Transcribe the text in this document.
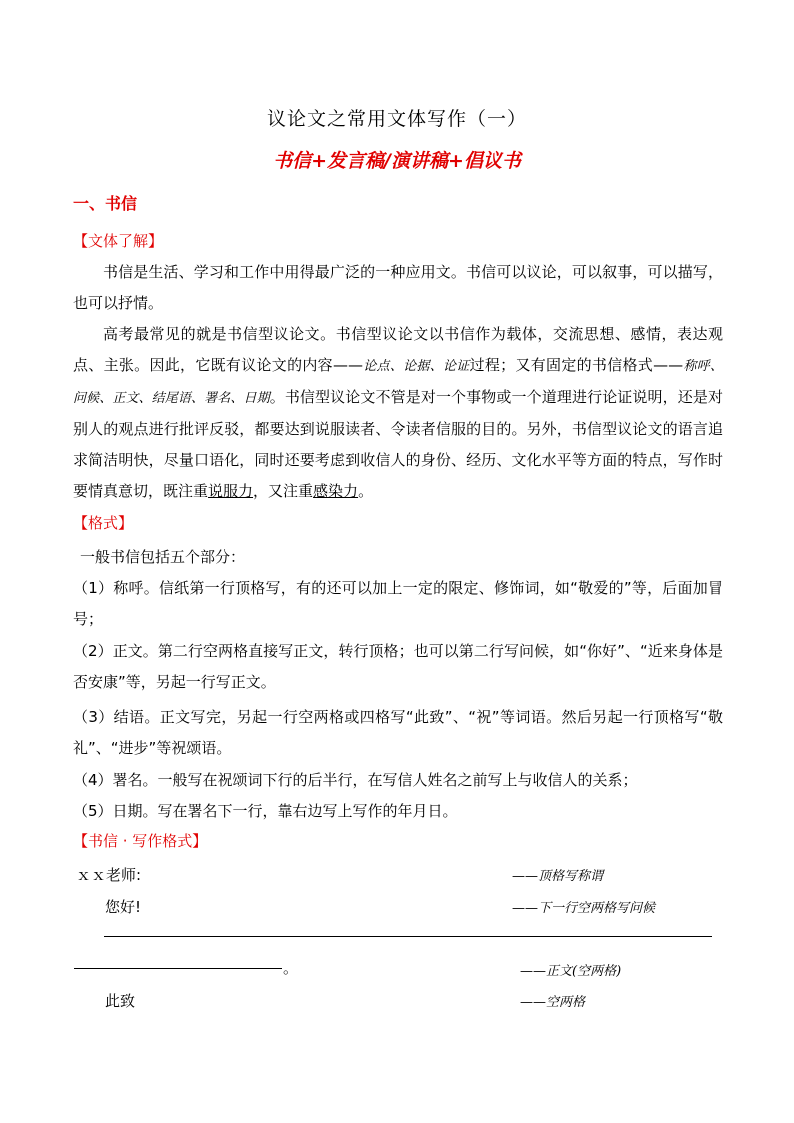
议论文之常用文体写作（一）
书信+发言稿/演讲稿+倡议书
一、书信
【文体了解】
书信是生活、学习和工作中用得最广泛的一种应用文。书信可以议论，可以叙事，可以描写，也可以抒情。
高考最常见的就是书信型议论文。书信型议论文以书信作为载体，交流思想、感情，表达观点、主张。因此，它既有议论文的内容——论点、论据、论证过程；又有固定的书信格式——称呼、问候、正文、结尾语、署名、日期。书信型议论文不管是对一个事物或一个道理进行论证说明，还是对别人的观点进行批评反驳，都要达到说服读者、令读者信服的目的。另外，书信型议论文的语言追求简洁明快，尽量口语化，同时还要考虑到收信人的身份、经历、文化水平等方面的特点，写作时要情真意切，既注重说服力，又注重感染力。
【格式】
一般书信包括五个部分：
（1）称呼。信纸第一行顶格写，有的还可以加上一定的限定、修饰词，如“敬爱的”等，后面加冒号；
（2）正文。第二行空两格直接写正文，转行顶格；也可以第二行写问候，如“你好”、“近来身体是否安康”等，另起一行写正文。
（3）结语。正文写完，另起一行空两格或四格写“此致”、“祝”等词语。然后另起一行顶格写“敬礼”、“进步”等祝颂语。
（4）署名。一般写在祝颂词下行的后半行，在写信人姓名之前写上与收信人的关系；
（5）日期。写在署名下一行，靠右边写上写作的年月日。
【书信 · 写作格式】
ｘｘ老师:	——顶格写称谓
您好!	——下一行空两格写问候
。	——正文(空两格)
此致	——空两格
